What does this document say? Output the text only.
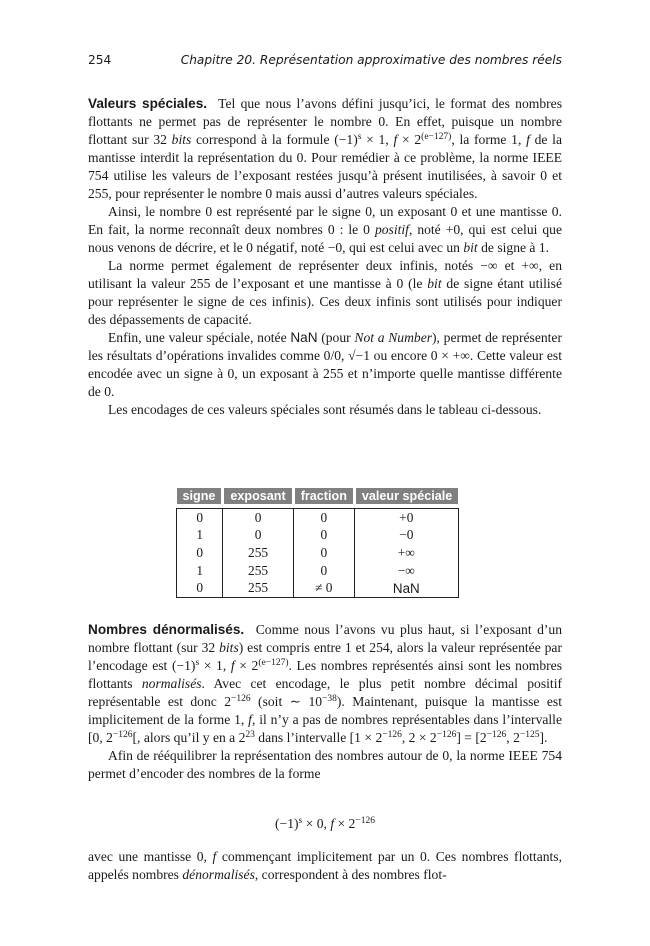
254	Chapitre 20. Représentation approximative des nombres réels

Valeurs spéciales. Tel que nous l’avons défini jusqu’ici, le format des nombres flottants ne permet pas de représenter le nombre 0. En effet, puisque un nombre flottant sur 32 bits correspond à la formule $(-1)^s \times 1$, $f \times 2^{(e-127)}$, la forme 1, f de la mantisse interdit la représentation du 0. Pour remédier à ce problème, la norme IEEE 754 utilise les valeurs de l’exposant restées jusqu’à présent inutilisées, à savoir 0 et 255, pour représenter le nombre 0 mais aussi d’autres valeurs spéciales.

Ainsi, le nombre 0 est représenté par le signe 0, un exposant 0 et une mantisse 0. En fait, la norme reconnaît deux nombres 0 : le 0 positif, noté +0, qui est celui que nous venons de décrire, et le 0 négatif, noté −0, qui est celui avec un bit de signe à 1.

La norme permet également de représenter deux infinis, notés −∞ et +∞, en utilisant la valeur 255 de l’exposant et une mantisse à 0 (le bit de signe étant utilisé pour représenter le signe de ces infinis). Ces deux infinis sont utilisés pour indiquer des dépassements de capacité.

Enfin, une valeur spéciale, notée NaN (pour Not a Number), permet de représenter les résultats d’opérations invalides comme 0/0, √−1 ou encore 0 × +∞. Cette valeur est encodée avec un signe à 0, un exposant à 255 et n’importe quelle mantisse différente de 0.

Les encodages de ces valeurs spéciales sont résumés dans le tableau ci-dessous.

signe	exposant	fraction	valeur spéciale

0	0	0	+0
1	0	0	−0
0	255	0	+∞
1	255	0	−∞
0	255	≠ 0	NaN

Nombres dénormalisés. Comme nous l’avons vu plus haut, si l’exposant d’un nombre flottant (sur 32 bits) est compris entre 1 et 254, alors la valeur représentée par l’encodage est $(-1)^s \times 1$, $f \times 2^{(e-127)}$. Les nombres représentés ainsi sont les nombres flottants normalisés. Avec cet encodage, le plus petit nombre décimal positif représentable est donc $2^{-126}$ (soit ∼ $10^{-38}$). Maintenant, puisque la mantisse est implicitement de la forme 1, f, il n’y a pas de nombres représentables dans l’intervalle [0, $2^{-126}$[, alors qu’il y en a $2^{23}$ dans l’intervalle [$1 \times 2^{-126}$, $2 \times 2^{-126}] = [2^{-126}$, $2^{-125}$].

Afin de rééquilibrer la représentation des nombres autour de 0, la norme IEEE 754 permet d’encoder des nombres de la forme

$(-1)^s \times 0$, $f \times 2^{-126}$

avec une mantisse 0, f commençant implicitement par un 0. Ces nombres flottants, appelés nombres dénormalisés, correspondent à des nombres flot-
